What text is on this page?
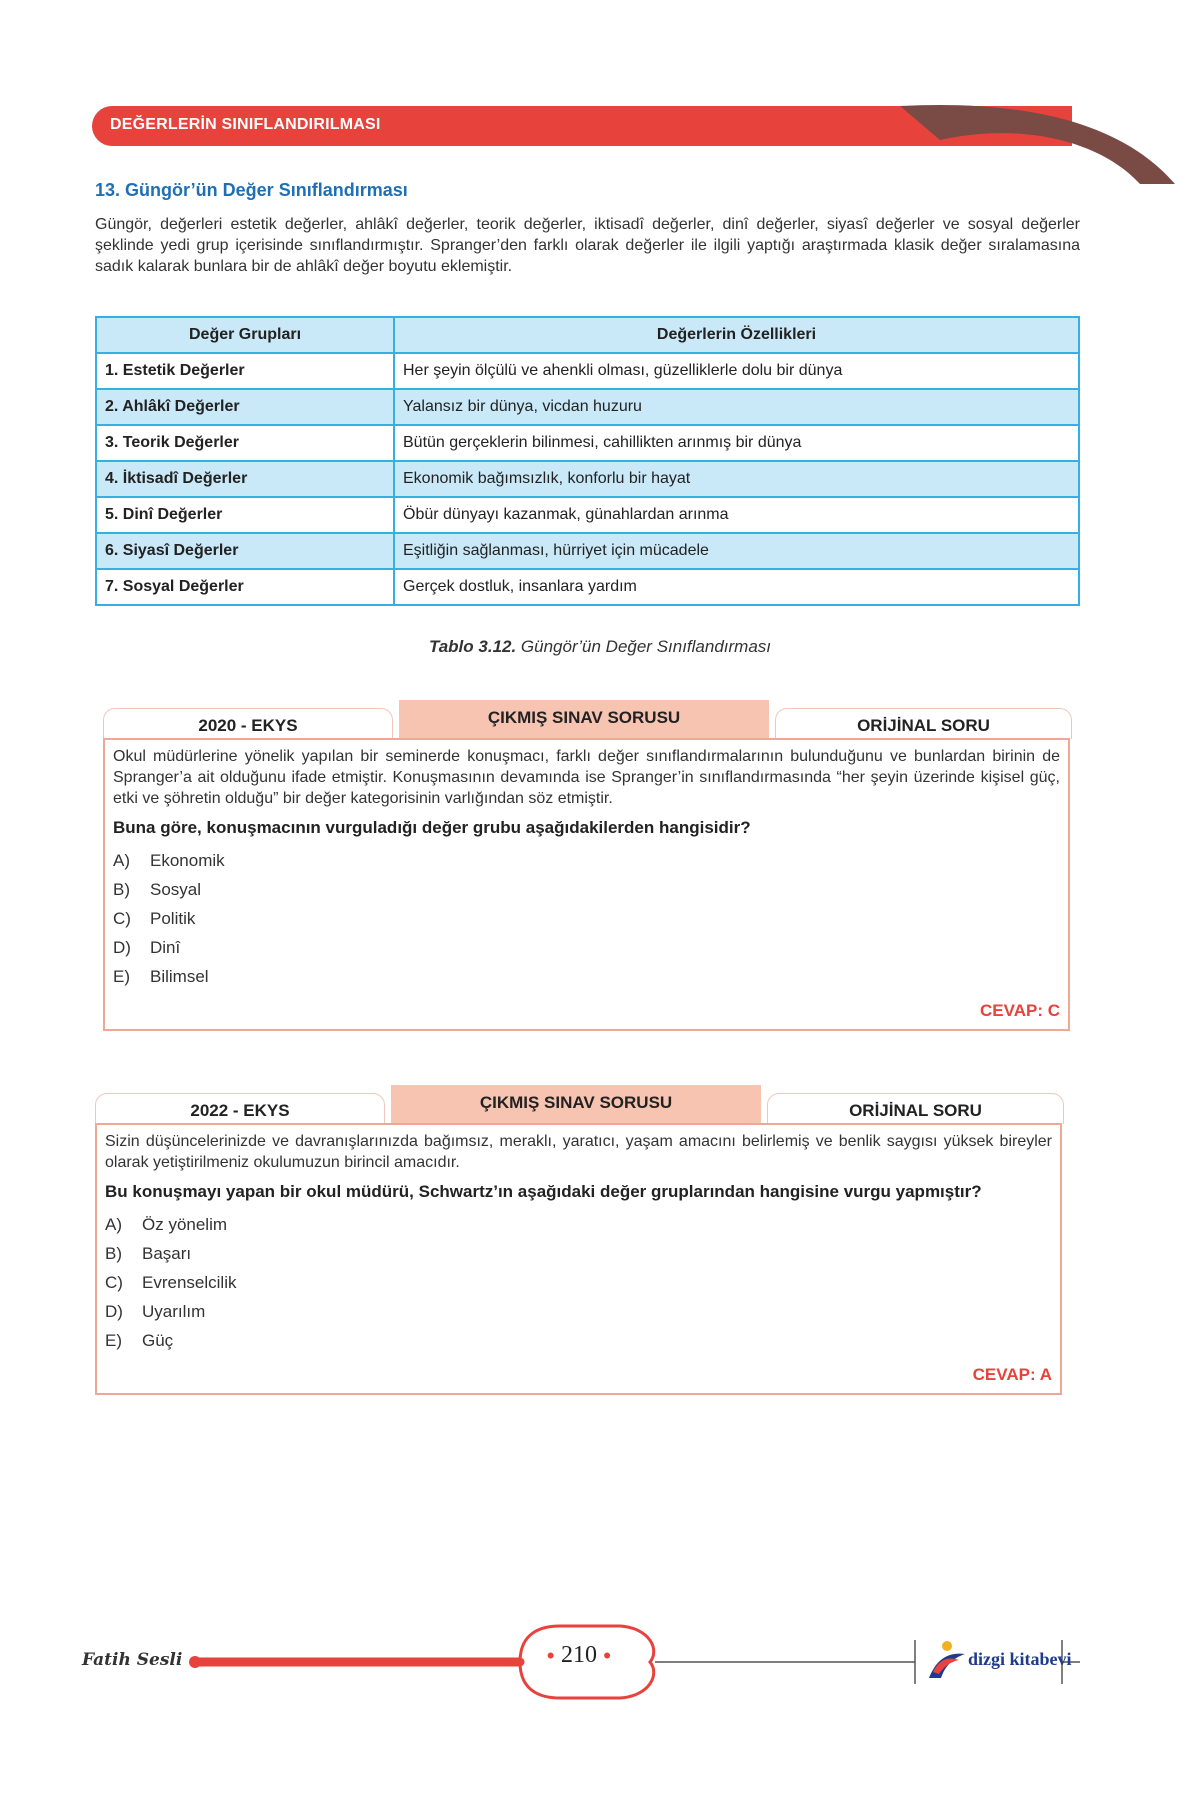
DEĞERLERİN SINIFLANDIRILMASI
13. Güngör’ün Değer Sınıflandırması
Güngör, değerleri estetik değerler, ahlâkî değerler, teorik değerler, iktisadî değerler, dinî değerler, siyasî değerler ve sosyal değerler şeklinde yedi grup içerisinde sınıflandırmıştır. Spranger’den farklı olarak değerler ile ilgili yaptığı araştırmada klasik değer sıralamasına sadık kalarak bunlara bir de ahlâkî değer boyutu eklemiştir.
Değer Grupları	Değerlerin Özellikleri
1. Estetik Değerler	Her şeyin ölçülü ve ahenkli olması, güzelliklerle dolu bir dünya
2. Ahlâkî Değerler	Yalansız bir dünya, vicdan huzuru
3. Teorik Değerler	Bütün gerçeklerin bilinmesi, cahillikten arınmış bir dünya
4. İktisadî Değerler	Ekonomik bağımsızlık, konforlu bir hayat
5. Dinî Değerler	Öbür dünyayı kazanmak, günahlardan arınma
6. Siyasî Değerler	Eşitliğin sağlanması, hürriyet için mücadele
7. Sosyal Değerler	Gerçek dostluk, insanlara yardım
Tablo 3.12. Güngör’ün Değer Sınıflandırması
2020 - EKYS	ÇIKMIŞ SINAV SORUSU	ORİJİNAL SORU
Okul müdürlerine yönelik yapılan bir seminerde konuşmacı, farklı değer sınıflandırmalarının bulunduğunu ve bunlardan birinin de Spranger’a ait olduğunu ifade etmiştir. Konuşmasının devamında ise Spranger’in sınıflandırmasında “her şeyin üzerinde kişisel güç, etki ve şöhretin olduğu” bir değer kategorisinin varlığından söz etmiştir.
Buna göre, konuşmacının vurguladığı değer grubu aşağıdakilerden hangisidir?
A) Ekonomik
B) Sosyal
C) Politik
D) Dinî
E) Bilimsel
CEVAP: C
2022 - EKYS	ÇIKMIŞ SINAV SORUSU	ORİJİNAL SORU
Sizin düşüncelerinizde ve davranışlarınızda bağımsız, meraklı, yaratıcı, yaşam amacını belirlemiş ve benlik saygısı yüksek bireyler olarak yetiştirilmeniz okulumuzun birincil amacıdır.
Bu konuşmayı yapan bir okul müdürü, Schwartz’ın aşağıdaki değer gruplarından hangisine vurgu yapmıştır?
A) Öz yönelim
B) Başarı
C) Evrenselcilik
D) Uyarılım
E) Güç
CEVAP: A
Fatih Sesli	● 210 ●	dizgi kitabevi
